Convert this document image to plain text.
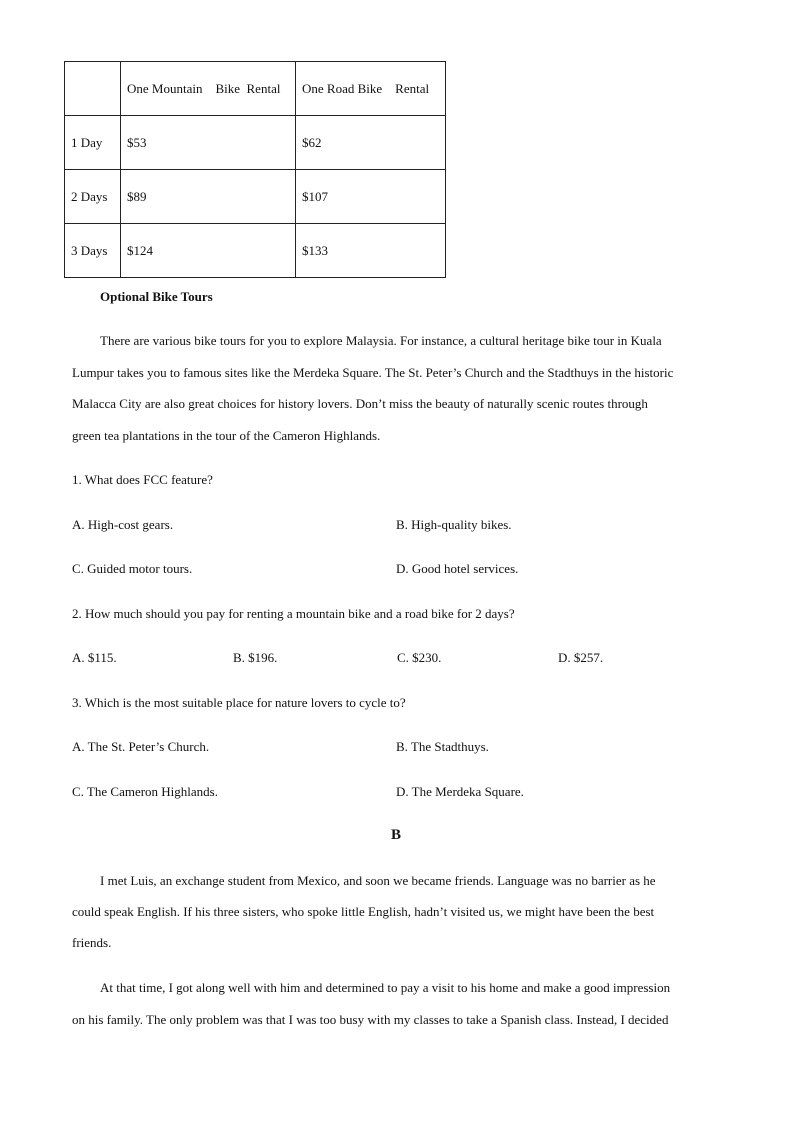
	One Mountain    Bike  Rental	One Road Bike    Rental
1 Day	$53	$62
2 Days	$89	$107
3 Days	$124	$133
Optional Bike Tours
There are various bike tours for you to explore Malaysia. For instance, a cultural heritage bike tour in Kuala
Lumpur takes you to famous sites like the Merdeka Square. The St. Peter’s Church and the Stadthuys in the historic
Malacca City are also great choices for history lovers. Don’t miss the beauty of naturally scenic routes through
green tea plantations in the tour of the Cameron Highlands.
1. What does FCC feature?
A. High-cost gears.	B. High-quality bikes.
C. Guided motor tours.	D. Good hotel services.
2. How much should you pay for renting a mountain bike and a road bike for 2 days?
A. $115.	B. $196.	C. $230.	D. $257.
3. Which is the most suitable place for nature lovers to cycle to?
A. The St. Peter’s Church.	B. The Stadthuys.
C. The Cameron Highlands.	D. The Merdeka Square.
B
I met Luis, an exchange student from Mexico, and soon we became friends. Language was no barrier as he
could speak English. If his three sisters, who spoke little English, hadn’t visited us, we might have been the best
friends.
At that time, I got along well with him and determined to pay a visit to his home and make a good impression
on his family. The only problem was that I was too busy with my classes to take a Spanish class. Instead, I decided
